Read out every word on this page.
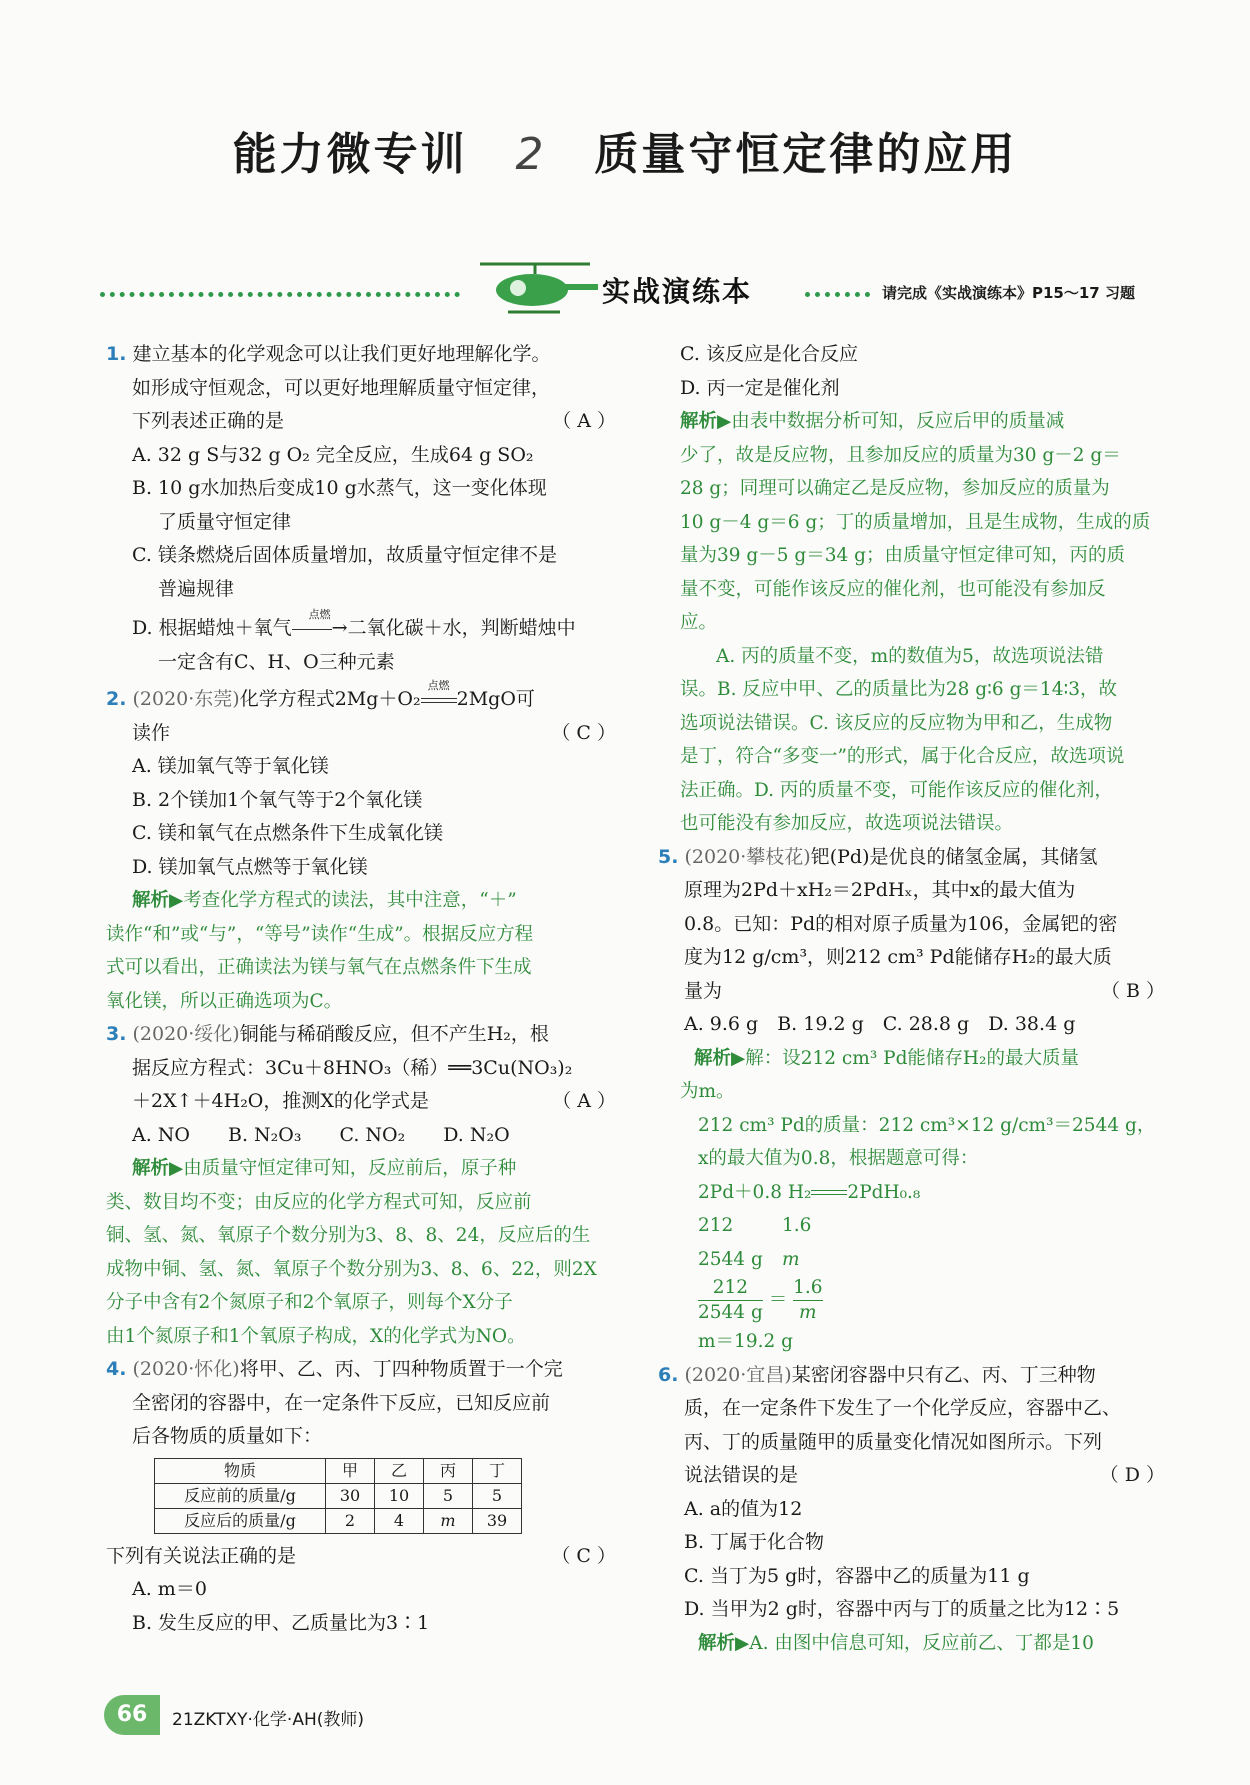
能力微专训 2 质量守恒定律的应用
实战演练本	请完成《实战演练本》P15～17 习题
1. 建立基本的化学观念可以让我们更好地理解化学。
如形成守恒观念，可以更好地理解质量守恒定律，
下列表述正确的是	（ A ）
A. 32 g S与32 g O₂ 完全反应，生成64 g SO₂
B. 10 g水加热后变成10 g水蒸气，这一变化体现
了质量守恒定律
C. 镁条燃烧后固体质量增加，故质量守恒定律不是
普遍规律
D. 根据蜡烛＋氧气
点燃
→二氧化碳＋水，判断蜡烛中
一定含有C、H、O三种元素
2. (2020·东莞)化学方程式2Mg＋O₂
点燃
2MgO可
读作	（ C ）
A. 镁加氧气等于氧化镁
B. 2个镁加1个氧气等于2个氧化镁
C. 镁和氧气在点燃条件下生成氧化镁
D. 镁加氧气点燃等于氧化镁
解析▶考查化学方程式的读法，其中注意，“＋”
读作“和”或“与”，“等号”读作“生成”。根据反应方程
式可以看出，正确读法为镁与氧气在点燃条件下生成
氧化镁，所以正确选项为C。
3. (2020·绥化)铜能与稀硝酸反应，但不产生H₂，根
据反应方程式：3Cu＋8HNO₃（稀）══3Cu(NO₃)₂
＋2X↑＋4H₂O，推测X的化学式是	（ A ）
A. NO　　B. N₂O₃　　C. NO₂　　D. N₂O
解析▶由质量守恒定律可知，反应前后，原子种
类、数目均不变；由反应的化学方程式可知，反应前
铜、氢、氮、氧原子个数分别为3、8、8、24，反应后的生
成物中铜、氢、氮、氧原子个数分别为3、8、6、22，则2X
分子中含有2个氮原子和2个氧原子，则每个X分子
由1个氮原子和1个氧原子构成，X的化学式为NO。
4. (2020·怀化)将甲、乙、丙、丁四种物质置于一个完
全密闭的容器中，在一定条件下反应，已知反应前
后各物质的质量如下：
物质	甲	乙	丙	丁
反应前的质量/g	30	10	5	5
反应后的质量/g	2	4	m	39
下列有关说法正确的是	（ C ）
A. m＝0
B. 发生反应的甲、乙质量比为3∶1
C. 该反应是化合反应
D. 丙一定是催化剂
解析▶由表中数据分析可知，反应后甲的质量减
少了，故是反应物，且参加反应的质量为30 g－2 g＝
28 g；同理可以确定乙是反应物，参加反应的质量为
10 g－4 g＝6 g；丁的质量增加，且是生成物，生成的质
量为39 g－5 g＝34 g；由质量守恒定律可知，丙的质
量不变，可能作该反应的催化剂，也可能没有参加反
应。
A. 丙的质量不变，m的数值为5，故选项说法错
误。B. 反应中甲、乙的质量比为28 g∶6 g＝14∶3，故
选项说法错误。C. 该反应的反应物为甲和乙，生成物
是丁，符合“多变一”的形式，属于化合反应，故选项说
法正确。D. 丙的质量不变，可能作该反应的催化剂，
也可能没有参加反应，故选项说法错误。
5. (2020·攀枝花)钯(Pd)是优良的储氢金属，其储氢
原理为2Pd＋xH₂＝2PdHₓ，其中x的最大值为
0.8。已知：Pd的相对原子质量为106，金属钯的密
度为12 g/cm³，则212 cm³ Pd能储存H₂的最大质
量为	（ B ）
A. 9.6 g　B. 19.2 g　C. 28.8 g　D. 38.4 g
解析▶解：设212 cm³ Pd能储存H₂的最大质量
为m。
212 cm³ Pd的质量：212 cm³×12 g/cm³＝2544 g，
x的最大值为0.8，根据题意可得：
2Pd＋0.8 H₂ 2PdH₀.₈
212	1.6
2544 g m
$\frac{212}{2544 g} = \frac{1.6}{m}$
m＝19.2 g
6. (2020·宜昌)某密闭容器中只有乙、丙、丁三种物
质，在一定条件下发生了一个化学反应，容器中乙、
丙、丁的质量随甲的质量变化情况如图所示。下列
说法错误的是	（ D ）
A. a的值为12
B. 丁属于化合物
C. 当丁为5 g时，容器中乙的质量为11 g
D. 当甲为2 g时，容器中丙与丁的质量之比为12∶5
解析▶A. 由图中信息可知，反应前乙、丁都是10
66	21ZKTXY·化学·AH(教师)
